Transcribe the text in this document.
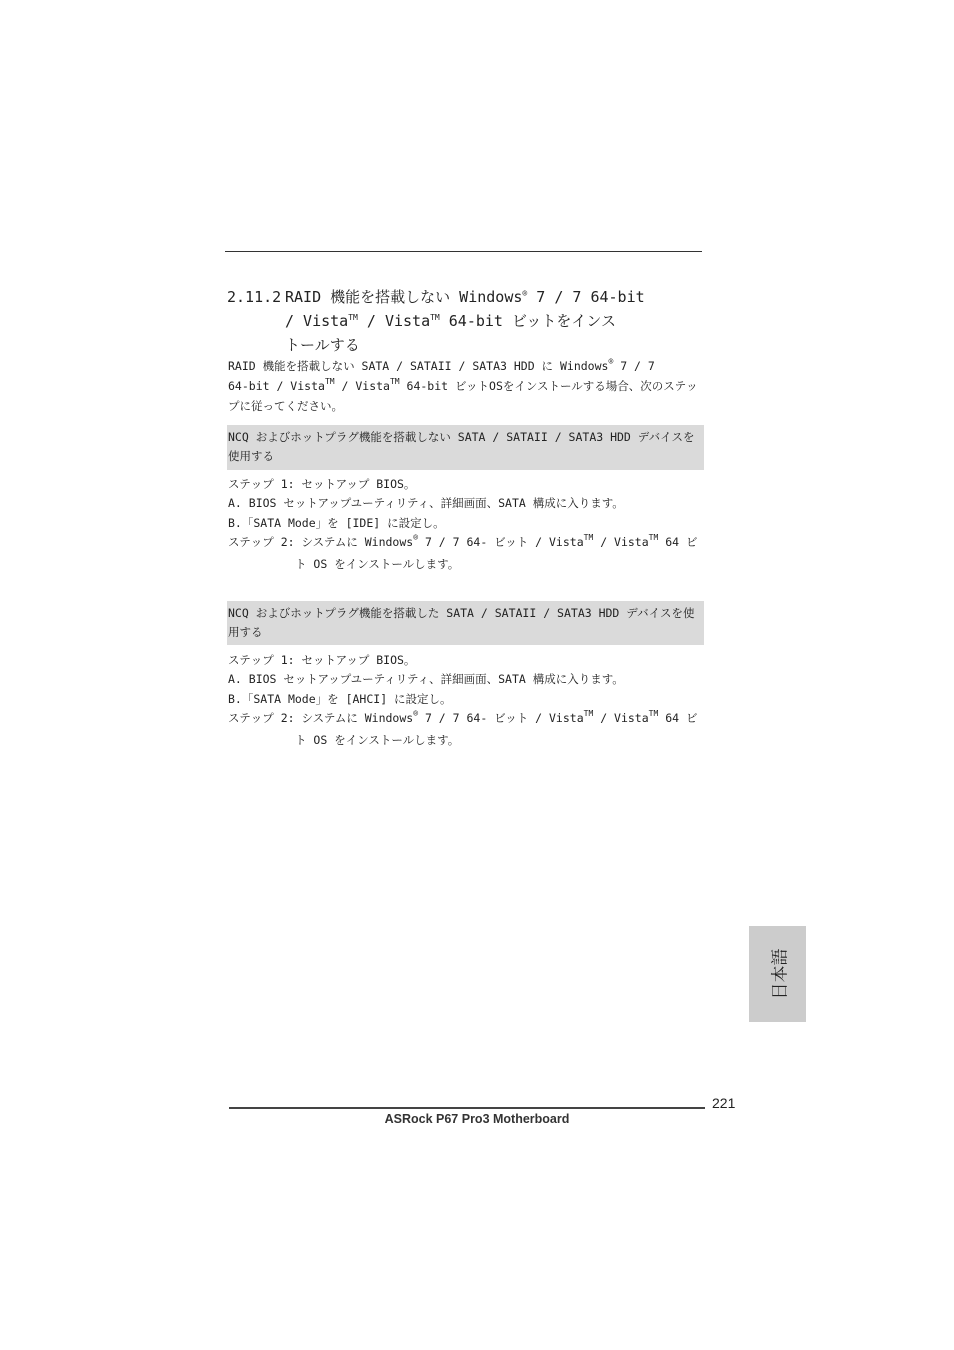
2.11.2 RAID 機能を搭載しない Windows® 7 / 7 64-bit
/ Vista™ / Vista™ 64-bit ビットをインス
トールする
RAID 機能を搭載しない SATA / SATAII / SATA3 HDD に Windows® 7 / 7
64-bit / Vista™ / Vista™ 64-bit ビットOSをインストールする場合、次のステッ
プに従ってください。
NCQ およびホットプラグ機能を搭載しない SATA / SATAII / SATA3 HDD デバイスを
使用する
ステップ 1: セットアップ BIOS。
A. BIOS セットアップユーティリティ、詳細画面、SATA 構成に入ります。
B.「SATA Mode」を [IDE] に設定し。
ステップ 2: システムに Windows® 7 / 7 64- ビット / Vista™ / Vista™ 64 ビ
ト OS をインストールします。
NCQ およびホットプラグ機能を搭載した SATA / SATAII / SATA3 HDD デバイスを使
用する
ステップ 1: セットアップ BIOS。
A. BIOS セットアップユーティリティ、詳細画面、SATA 構成に入ります。
B.「SATA Mode」を [AHCI] に設定し。
ステップ 2: システムに Windows® 7 / 7 64- ビット / Vista™ / Vista™ 64 ビ
ト OS をインストールします。
日本語
221
ASRock P67 Pro3 Motherboard
